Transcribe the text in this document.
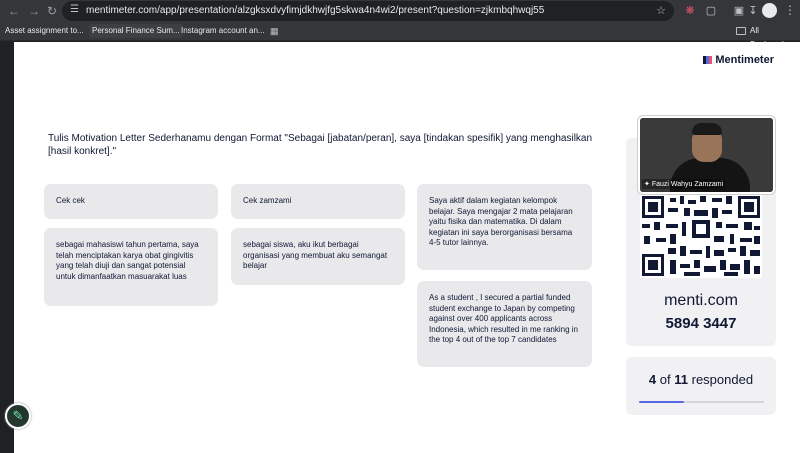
← → ↻ ☰ mentimeter.com/app/presentation/alzgksxdvyfimjdkhwjfg5skwa4n4wi2/present?question=zjkmbqhwqj55	☆	❋	▢ ▣ ↧ ⋮
Asset assignment to...	Personal Finance Sum... Instagram account an... ▦	All
Mentimeter
Tulis Motivation Letter Sederhanamu dengan Format "Sebagai [jabatan/peran], saya [tindakan spesifik] yang menghasilkan [hasil konkret]."
Cek cek
sebagai mahasiswi tahun pertama, saya telah menciptakan karya obat gingivitis yang telah diuji dan sangat potensial untuk dimanfaatkan masuarakat luas
Cek zamzami
sebagai siswa, aku ikut berbagai organisasi yang membuat aku semangat belajar
Saya aktif dalam kegiatan kelompok belajar. Saya mengajar 2 mata pelajaran yaitu fisika dan matematika. Di dalam kegiatan ini saya berorganisasi bersama 4-5 tutor lainnya.
As a student , I secured a partial funded student exchange to Japan by competing against over 400 applicants across Indonesia, which resulted in me ranking in the top 4 out of the top 7 candidates
menti.com
5894 3447
4 of 11 responded
✦ Fauzi Wahyu Zamzami
✎
